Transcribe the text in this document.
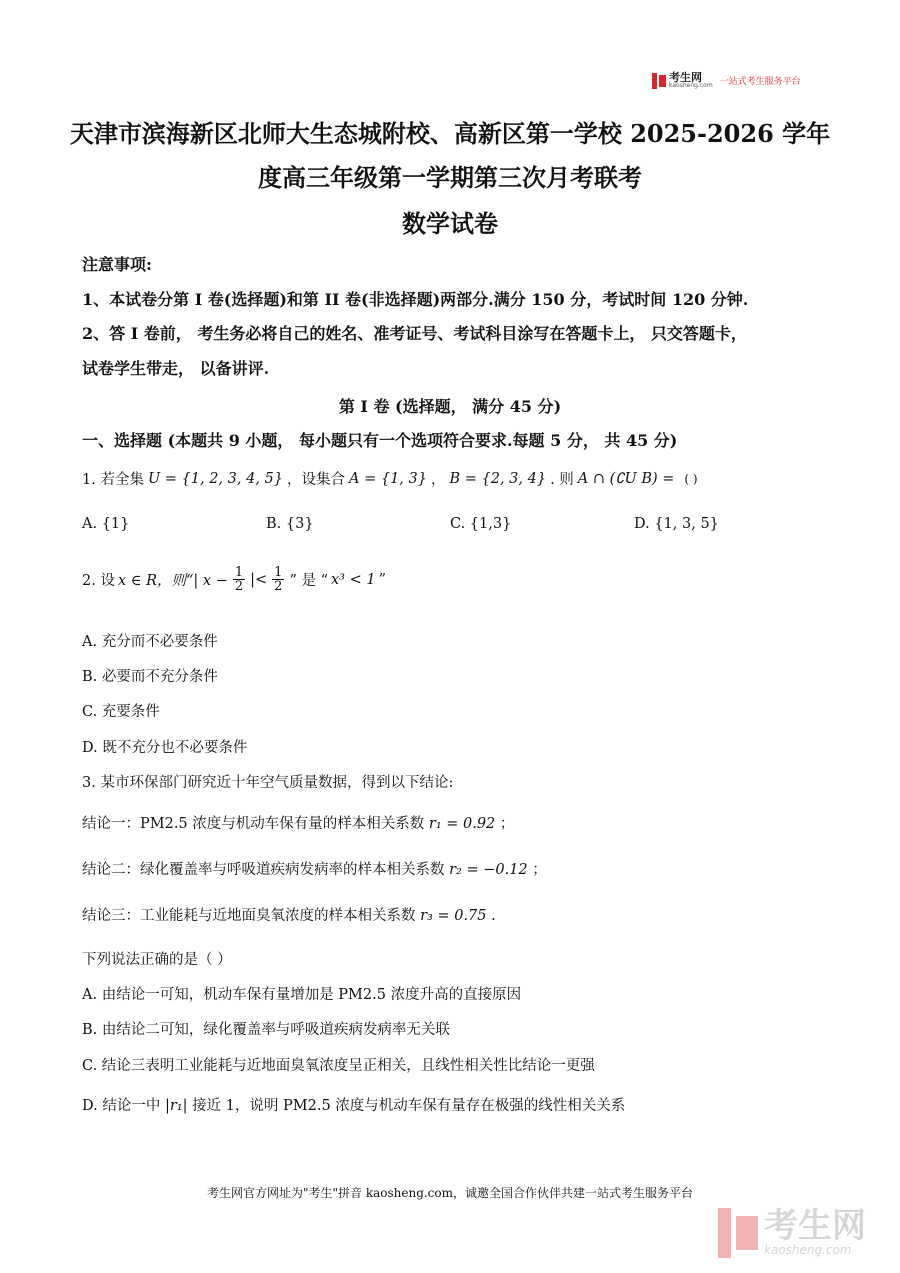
考生网
kaosheng.com 一站式考生服务平台
天津市滨海新区北师大生态城附校、高新区第一学校 2025-2026 学年
度高三年级第一学期第三次月考联考
数学试卷
注意事项:
1、本试卷分第 I 卷(选择题)和第 II 卷(非选择题)两部分.满分 150 分，考试时间 120 分钟.
2、答 I 卷前， 考生务必将自己的姓名、准考证号、考试科目涂写在答题卡上， 只交答题卡，
试卷学生带走， 以备讲评.
第 I 卷 (选择题， 满分 45 分)
一、选择题 (本题共 9 小题， 每小题只有一个选项符合要求.每题 5 分， 共 45 分)
1. 若全集 U = {1, 2, 3, 4, 5} ，设集合 A = {1, 3} ， B = {2, 3, 4} . 则 A ∩ (∁U B) = ( )
A. {1}	B. {3}	C. {1,3}	D. {1, 3, 5}
2. 设 x ∈ R，则“| $x - \frac{1}{2}$ |< $\frac{1}{2}$ ” 是 “ x³ < 1 ”
A. 充分而不必要条件
B. 必要而不充分条件
C. 充要条件
D. 既不充分也不必要条件
3. 某市环保部门研究近十年空气质量数据，得到以下结论:
结论一：PM2.5 浓度与机动车保有量的样本相关系数 r₁ = 0.92 ；
结论二：绿化覆盖率与呼吸道疾病发病率的样本相关系数 r₂ = −0.12 ；
结论三：工业能耗与近地面臭氧浓度的样本相关系数 r₃ = 0.75 .
下列说法正确的是（ ）
A. 由结论一可知，机动车保有量增加是 PM2.5 浓度升高的直接原因
B. 由结论二可知，绿化覆盖率与呼吸道疾病发病率无关联
C. 结论三表明工业能耗与近地面臭氧浓度呈正相关，且线性相关性比结论一更强
D. 结论一中 |r₁| 接近 1，说明 PM2.5 浓度与机动车保有量存在极强的线性相关关系
考生网官方网址为"考生"拼音 kaosheng.com，诚邀全国合作伙伴共建一站式考生服务平台
考生网
kaosheng.com
